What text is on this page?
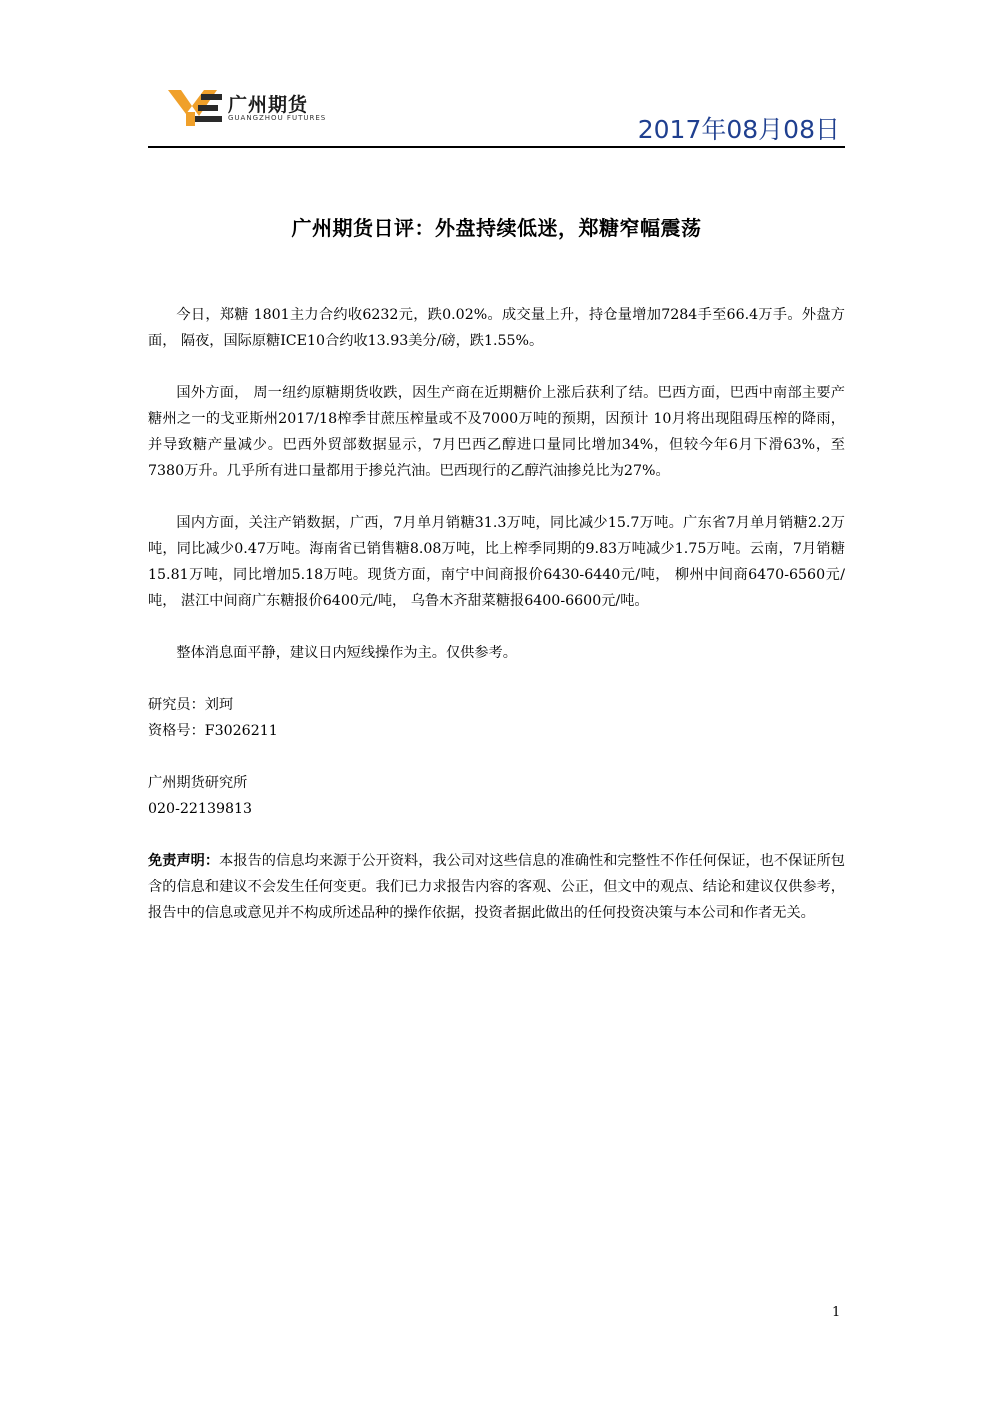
广州期货
GUANGZHOU FUTURES	2017年08月08日
广州期货日评：外盘持续低迷，郑糖窄幅震荡

今日，郑糖 1801主力合约收6232元，跌0.02%。成交量上升，持仓量增加7284手至66.4万手。外盘方面， 隔夜，国际原糖ICE10合约收13.93美分/磅，跌1.55%。

国外方面， 周一纽约原糖期货收跌，因生产商在近期糖价上涨后获利了结。巴西方面，巴西中南部主要产糖州之一的戈亚斯州2017/18榨季甘蔗压榨量或不及7000万吨的预期，因预计 10月将出现阻碍压榨的降雨，并导致糖产量减少。巴西外贸部数据显示，7月巴西乙醇进口量同比增加34%，但较今年6月下滑63%，至7380万升。几乎所有进口量都用于掺兑汽油。巴西现行的乙醇汽油掺兑比为27%。

国内方面，关注产销数据，广西，7月单月销糖31.3万吨，同比减少15.7万吨。广东省7月单月销糖2.2万吨，同比减少0.47万吨。海南省已销售糖8.08万吨，比上榨季同期的9.83万吨减少1.75万吨。云南，7月销糖15.81万吨，同比增加5.18万吨。现货方面，南宁中间商报价6430-6440元/吨， 柳州中间商6470-6560元/吨， 湛江中间商广东糖报价6400元/吨， 乌鲁木齐甜菜糖报6400-6600元/吨。

整体消息面平静，建议日内短线操作为主。仅供参考。

研究员：刘珂

资格号：F3026211

广州期货研究所

020-22139813

免责声明：本报告的信息均来源于公开资料，我公司对这些信息的准确性和完整性不作任何保证，也不保证所包含的信息和建议不会发生任何变更。我们已力求报告内容的客观、公正，但文中的观点、结论和建议仅供参考，报告中的信息或意见并不构成所述品种的操作依据，投资者据此做出的任何投资决策与本公司和作者无关。

1
